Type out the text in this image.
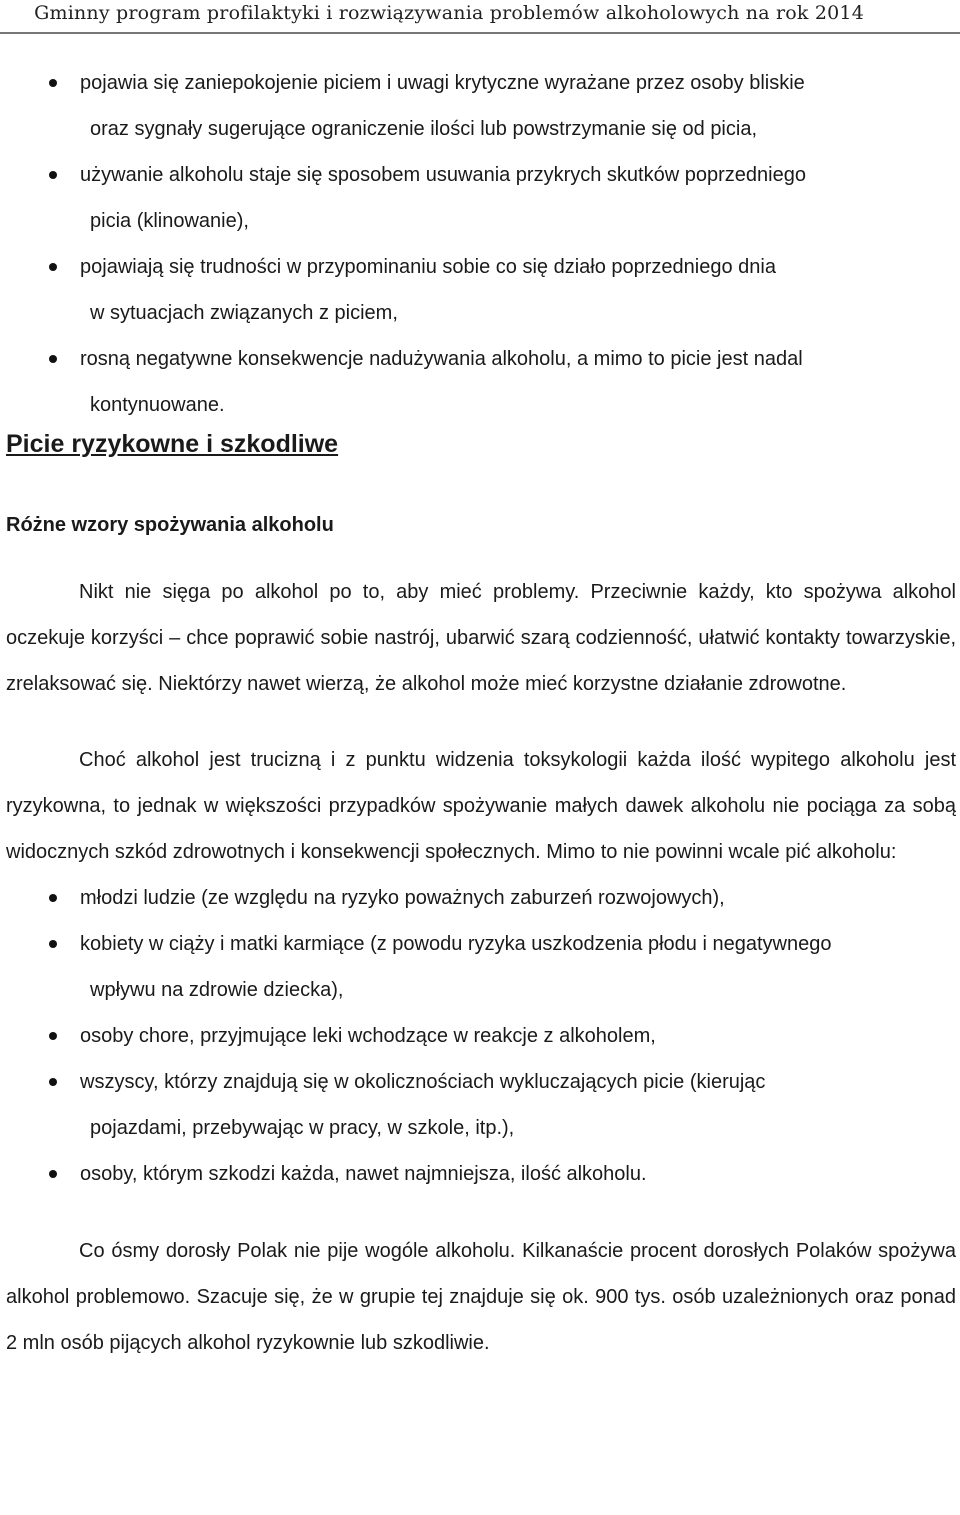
Gminny program profilaktyki i rozwiązywania problemów alkoholowych na rok 2014
pojawia się zaniepokojenie piciem i uwagi krytyczne wyrażane przez osoby bliskie
oraz sygnały sugerujące ograniczenie ilości lub powstrzymanie się od picia,
używanie alkoholu staje się sposobem usuwania przykrych skutków poprzedniego
picia (klinowanie),
pojawiają się trudności w przypominaniu sobie co się działo poprzedniego dnia
w sytuacjach związanych z piciem,
rosną negatywne konsekwencje nadużywania alkoholu, a mimo to picie jest nadal
kontynuowane.
Picie ryzykowne i szkodliwe
Różne wzory spożywania alkoholu

Nikt nie sięga po alkohol po to, aby mieć problemy. Przeciwnie każdy, kto spożywa alkohol oczekuje korzyści – chce poprawić sobie nastrój, ubarwić szarą codzienność, ułatwić kontakty towarzyskie, zrelaksować się. Niektórzy nawet wierzą, że alkohol może mieć korzystne działanie zdrowotne.

Choć alkohol jest trucizną i z punktu widzenia toksykologii każda ilość wypitego alkoholu jest ryzykowna, to jednak w większości przypadków spożywanie małych dawek alkoholu nie pociąga za sobą widocznych szkód zdrowotnych i konsekwencji społecznych. Mimo to nie powinni wcale pić alkoholu:

młodzi ludzie (ze względu na ryzyko poważnych zaburzeń rozwojowych),
kobiety w ciąży i matki karmiące (z powodu ryzyka uszkodzenia płodu i negatywnego
wpływu na zdrowie dziecka),
osoby chore, przyjmujące leki wchodzące w reakcje z alkoholem,
wszyscy, którzy znajdują się w okolicznościach wykluczających picie (kierując
pojazdami, przebywając w pracy, w szkole, itp.),
osoby, którym szkodzi każda, nawet najmniejsza, ilość alkoholu.

Co ósmy dorosły Polak nie pije wogóle alkoholu. Kilkanaście procent dorosłych Polaków spożywa alkohol problemowo. Szacuje się, że w grupie tej znajduje się ok. 900 tys. osób uzależnionych oraz ponad 2 mln osób pijących alkohol ryzykownie lub szkodliwie.
